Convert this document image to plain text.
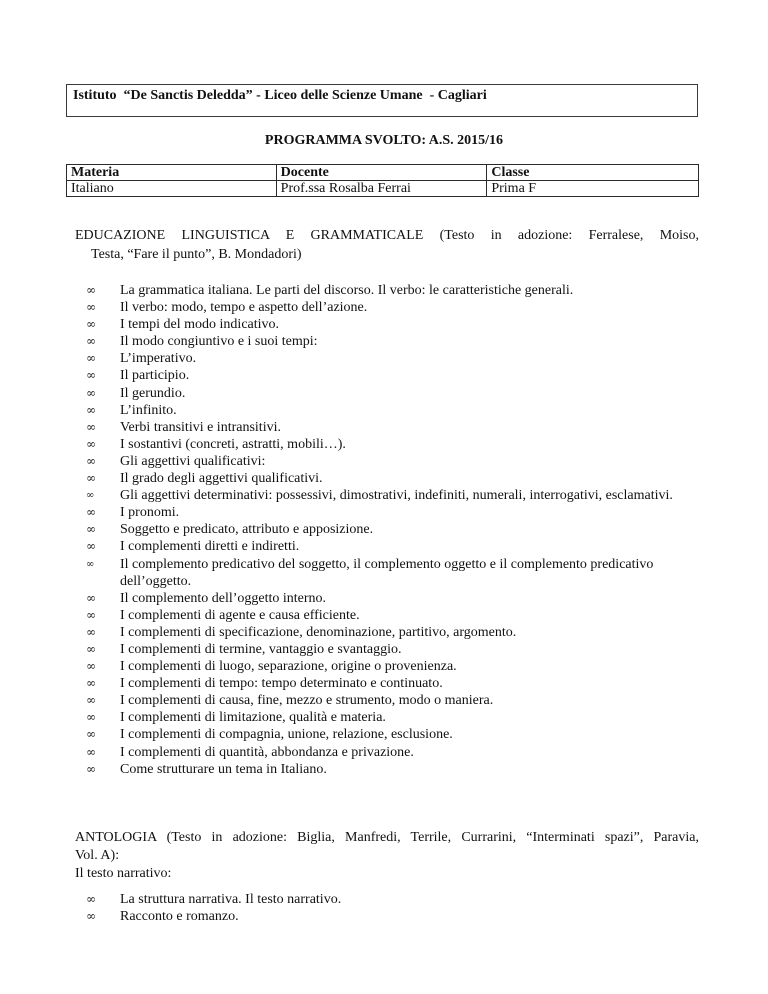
Istituto  “De Sanctis Deledda” - Liceo delle Scienze Umane  - Cagliari
PROGRAMMA SVOLTO: A.S. 2015/16
Materia	Docente	Classe
Italiano	Prof.ssa Rosalba Ferrai	Prima F
EDUCAZIONE LINGUISTICA E GRAMMATICALE (Testo in adozione: Ferralese, Moiso,
Testa, “Fare il punto”, B. Mondadori)
∞ La grammatica italiana. Le parti del discorso. Il verbo: le caratteristiche generali.
∞ Il verbo: modo, tempo e aspetto dell’azione.
∞ I tempi del modo indicativo.
∞ Il modo congiuntivo e i suoi tempi:
∞ L’imperativo.
∞ Il participio.
∞ Il gerundio.
∞ L’infinito.
∞ Verbi transitivi e intransitivi.
∞ I sostantivi (concreti, astratti, mobili…).
∞ Gli aggettivi qualificativi:
∞ Il grado degli aggettivi qualificativi.
∞ Gli aggettivi determinativi: possessivi, dimostrativi, indefiniti, numerali, interrogativi, esclamativi.
∞ I pronomi.
∞ Soggetto e predicato, attributo e apposizione.
∞ I complementi diretti e indiretti.
∞ Il complemento predicativo del soggetto, il complemento oggetto e il complemento predicativo dell’oggetto.
∞ Il complemento dell’oggetto interno.
∞ I complementi di agente e causa efficiente.
∞ I complementi di specificazione, denominazione, partitivo, argomento.
∞ I complementi di termine, vantaggio e svantaggio.
∞ I complementi di luogo, separazione, origine o provenienza.
∞ I complementi di tempo: tempo determinato e continuato.
∞ I complementi di causa, fine, mezzo e strumento, modo o maniera.
∞ I complementi di limitazione, qualità e materia.
∞ I complementi di compagnia, unione, relazione, esclusione.
∞ I complementi di quantità, abbondanza e privazione.
∞ Come strutturare un tema in Italiano.
ANTOLOGIA (Testo in adozione: Biglia, Manfredi, Terrile, Currarini, “Interminati spazi”, Paravia,
Vol. A):
Il testo narrativo:
∞ La struttura narrativa. Il testo narrativo.
∞ Racconto e romanzo.
